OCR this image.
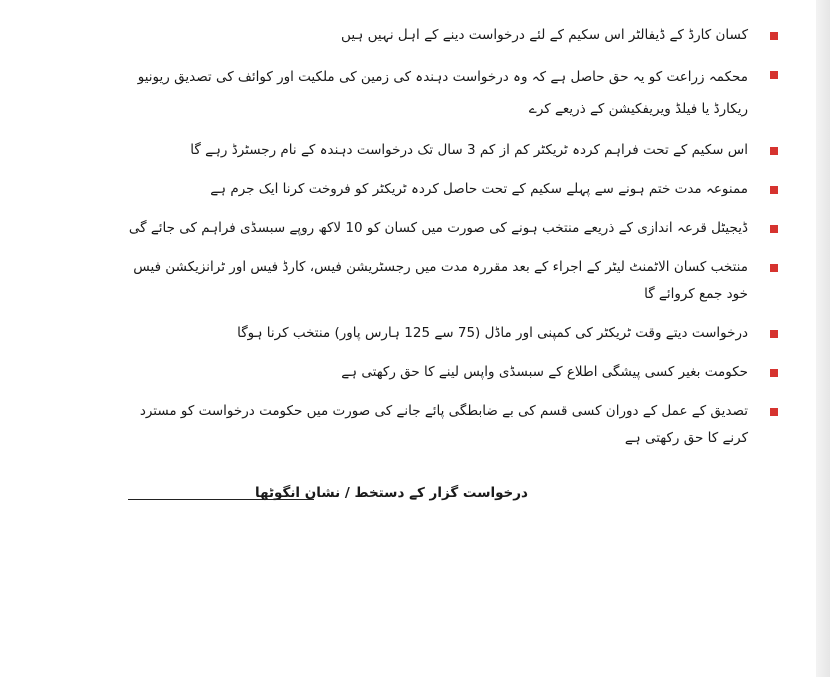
کسان کارڈ کے ڈیفالٹر اس سکیم کے لئے درخواست دینے کے اہل نہیں ہیں
محکمہ زراعت کو یہ حق حاصل ہے کہ وہ درخواست دہندہ کی زمین کی ملکیت اور کوائف کی تصدیق ریونیو ریکارڈ یا فیلڈ ویریفکیشن کے ذریعے کرے
اس سکیم کے تحت فراہم کردہ ٹریکٹر کم از کم 3 سال تک درخواست دہندہ کے نام رجسٹرڈ رہے گا
ممنوعہ مدت ختم ہونے سے پہلے سکیم کے تحت حاصل کردہ ٹریکٹر کو فروخت کرنا ایک جرم ہے
ڈیجیٹل قرعہ اندازی کے ذریعے منتخب ہونے کی صورت میں کسان کو 10 لاکھ روپے سبسڈی فراہم کی جائے گی
منتخب کسان الاٹمنٹ لیٹر کے اجراء کے بعد مقررہ مدت میں رجسٹریشن فیس، کارڈ فیس اور ٹرانزیکشن فیس خود جمع کروائے گا
درخواست دیتے وقت ٹریکٹر کی کمپنی اور ماڈل (75 سے 125 ہارس پاور) منتخب کرنا ہوگا
حکومت بغیر کسی پیشگی اطلاع کے سبسڈی واپس لینے کا حق رکھتی ہے
تصدیق کے عمل کے دوران کسی قسم کی بے ضابطگی پائے جانے کی صورت میں حکومت درخواست کو مسترد کرنے کا حق رکھتی ہے
درخواست گزار کے دستخط / نشان انگوٹھا
